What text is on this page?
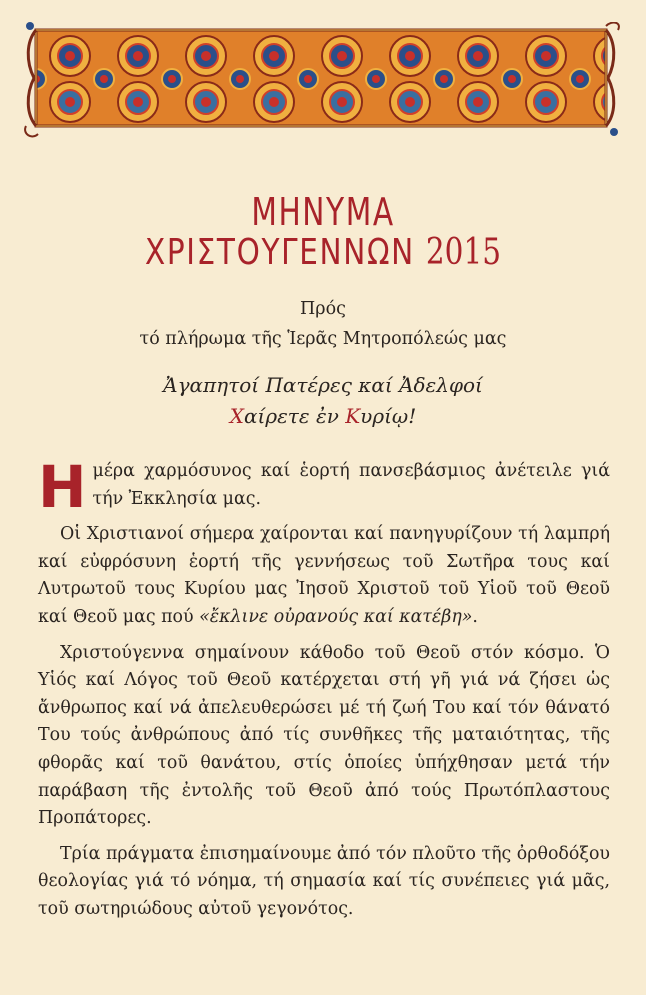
ΜΗΝΥΜΑ
ΧΡΙΣΤΟΥΓΕΝΝΩΝ 2015
Πρός
τό πλήρωμα τῆς Ἱερᾶς Μητροπόλεώς μας
Ἀγαπητοί Πατέρες καί Ἀδελφοί
Χαίρετε ἐν Κυρίῳ!

Ημέρα χαρμόσυνος καί ἑορτή πανσεβάσμιος ἀνέτειλε γιά τήν Ἐκκλησία μας.

Οἱ Χριστιανοί σήμερα χαίρονται καί πανηγυρίζουν τή λαμπρή καί εὐφρόσυνη ἑορτή τῆς γεννήσεως τοῦ Σωτῆρα τους καί Λυτρωτοῦ τους Κυρίου μας Ἰησοῦ Χριστοῦ τοῦ Υἱοῦ τοῦ Θεοῦ καί Θεοῦ μας πού «ἔκλινε οὐρανούς καί κατέβη».

Χριστούγεννα σημαίνουν κάθοδο τοῦ Θεοῦ στόν κόσμο. Ὁ Υἱός καί Λόγος τοῦ Θεοῦ κατέρχεται στή γῆ γιά νά ζήσει ὡς ἄνθρωπος καί νά ἀπελευθερώσει μέ τή ζωή Του καί τόν θάνατό Του τούς ἀνθρώπους ἀπό τίς συνθῆκες τῆς ματαιότητας, τῆς φθορᾶς καί τοῦ θανάτου, στίς ὁποίες ὑπήχθησαν μετά τήν παράβαση τῆς ἐντολῆς τοῦ Θεοῦ ἀπό τούς Πρωτόπλαστους Προπάτορες.

Τρία πράγματα ἐπισημαίνουμε ἀπό τόν πλοῦτο τῆς ὀρθοδόξου θεολογίας γιά τό νόημα, τή σημασία καί τίς συνέπειες γιά μᾶς, τοῦ σωτηριώδους αὐτοῦ γεγονότος.
